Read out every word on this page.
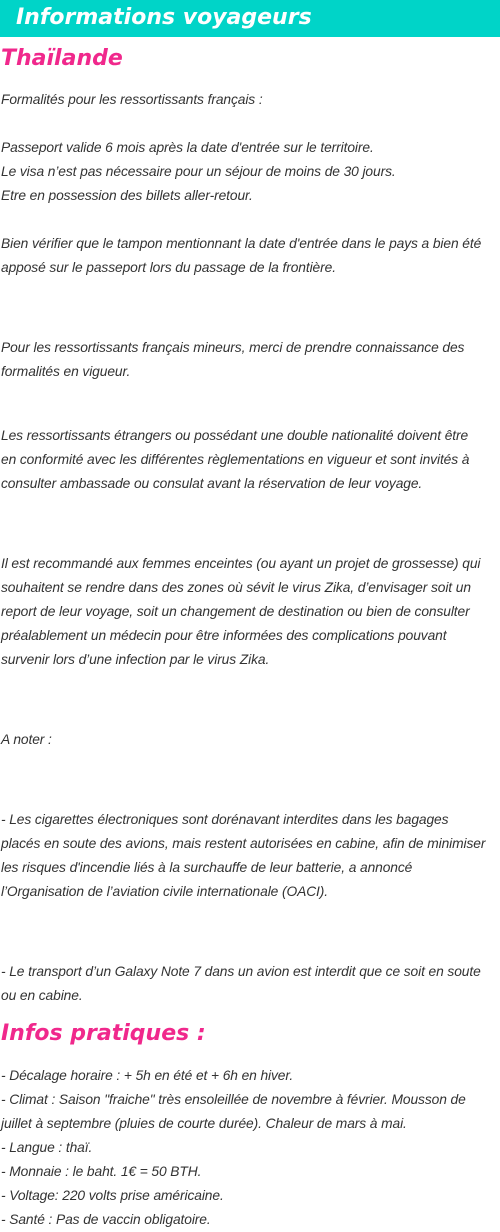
Informations voyageurs
Thaïlande

Formalités pour les ressortissants français :

Passeport valide 6 mois après la date d'entrée sur le territoire.
Le visa n’est pas nécessaire pour un séjour de moins de 30 jours.
Etre en possession des billets aller-retour.

Bien vérifier que le tampon mentionnant la date d'entrée dans le pays a bien été
apposé sur le passeport lors du passage de la frontière.

Pour les ressortissants français mineurs, merci de prendre connaissance des
formalités en vigueur.

Les ressortissants étrangers ou possédant une double nationalité doivent être
en conformité avec les différentes règlementations en vigueur et sont invités à
consulter ambassade ou consulat avant la réservation de leur voyage.

Il est recommandé aux femmes enceintes (ou ayant un projet de grossesse) qui
souhaitent se rendre dans des zones où sévit le virus Zika, d’envisager soit un
report de leur voyage, soit un changement de destination ou bien de consulter
préalablement un médecin pour être informées des complications pouvant
survenir lors d’une infection par le virus Zika.

A noter :

- Les cigarettes électroniques sont dorénavant interdites dans les bagages
placés en soute des avions, mais restent autorisées en cabine, afin de minimiser
les risques d'incendie liés à la surchauffe de leur batterie, a annoncé
l’Organisation de l’aviation civile internationale (OACI).

- Le transport d’un Galaxy Note 7 dans un avion est interdit que ce soit en soute
ou en cabine.

Infos pratiques :

- Décalage horaire : + 5h en été et + 6h en hiver.
- Climat : Saison "fraiche" très ensoleillée de novembre à février. Mousson de
juillet à septembre (pluies de courte durée). Chaleur de mars à mai.
- Langue : thaï.
- Monnaie : le baht. 1€ = 50 BTH.
- Voltage: 220 volts prise américaine.
- Santé : Pas de vaccin obligatoire.
